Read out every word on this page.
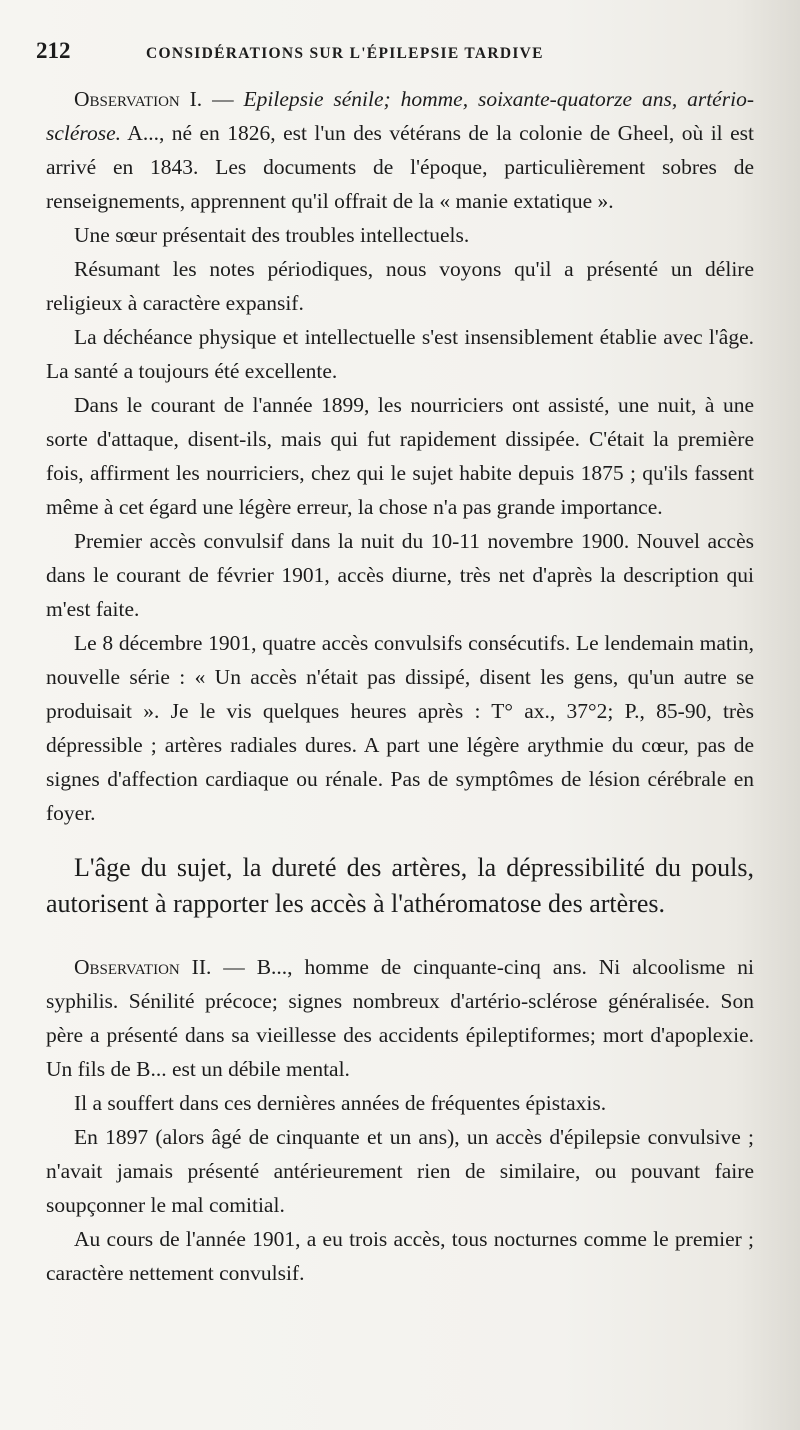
212	CONSIDÉRATIONS SUR L'ÉPILEPSIE TARDIVE

Observation I. — Epilepsie sénile; homme, soixante-quatorze ans, artério-sclérose. A..., né en 1826, est l'un des vétérans de la colonie de Gheel, où il est arrivé en 1843. Les documents de l'époque, particulièrement sobres de renseignements, apprennent qu'il offrait de la « manie extatique ».

Une sœur présentait des troubles intellectuels.

Résumant les notes périodiques, nous voyons qu'il a présenté un délire religieux à caractère expansif.

La déchéance physique et intellectuelle s'est insensiblement établie avec l'âge. La santé a toujours été excellente.

Dans le courant de l'année 1899, les nourriciers ont assisté, une nuit, à une sorte d'attaque, disent-ils, mais qui fut rapidement dissipée. C'était la première fois, affirment les nourriciers, chez qui le sujet habite depuis 1875 ; qu'ils fassent même à cet égard une légère erreur, la chose n'a pas grande importance.

Premier accès convulsif dans la nuit du 10-11 novembre 1900. Nouvel accès dans le courant de février 1901, accès diurne, très net d'après la description qui m'est faite.

Le 8 décembre 1901, quatre accès convulsifs consécutifs. Le lendemain matin, nouvelle série : « Un accès n'était pas dissipé, disent les gens, qu'un autre se produisait ». Je le vis quelques heures après : T° ax., 37°2; P., 85-90, très dépressible ; artères radiales dures. A part une légère arythmie du cœur, pas de signes d'affection cardiaque ou rénale. Pas de symptômes de lésion cérébrale en foyer.

L'âge du sujet, la dureté des artères, la dépressibilité du pouls, autorisent à rapporter les accès à l'athéromatose des artères.

Observation II. — B..., homme de cinquante-cinq ans. Ni alcoolisme ni syphilis. Sénilité précoce; signes nombreux d'artério-sclérose généralisée. Son père a présenté dans sa vieillesse des accidents épileptiformes; mort d'apoplexie. Un fils de B... est un débile mental.

Il a souffert dans ces dernières années de fréquentes épistaxis.

En 1897 (alors âgé de cinquante et un ans), un accès d'épilepsie convulsive ; n'avait jamais présenté antérieurement rien de similaire, ou pouvant faire soupçonner le mal comitial.

Au cours de l'année 1901, a eu trois accès, tous nocturnes comme le premier ; caractère nettement convulsif.
